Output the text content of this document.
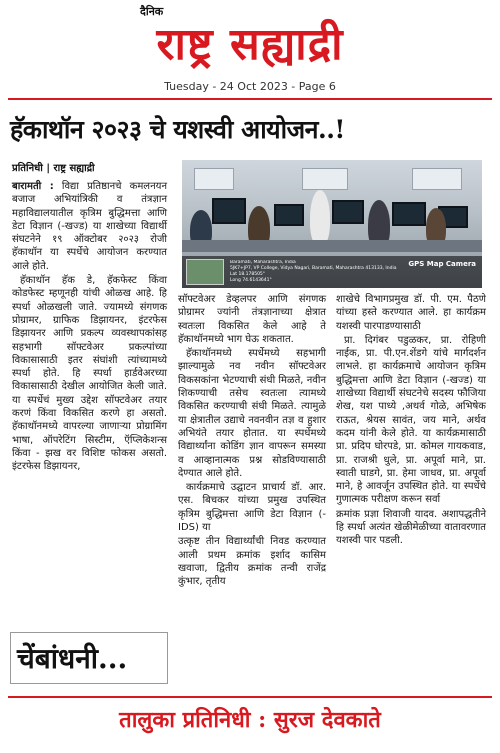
दैनिक
राष्ट्र सह्याद्री
Tuesday - 24 Oct 2023 - Page 6
हॅकाथॉन २०२३ चे यशस्वी आयोजन..!
प्रतिनिधी | राष्ट्र सह्याद्री
Baramati, Maharashtra, India
5JK7+JP7, VP College, Vidya Nagari, Baramati, Maharashtra 413133, India
Lat 18.178505°
Long 74.6143641°
GPS Map Camera

बारामती : विद्या प्रतिष्ठानचे कमलनयन बजाज अभियांत्रिकी व तंत्रज्ञान महाविद्यालयातील कृत्रिम बुद्धिमत्ता आणि डेटा विज्ञान (-खज्ड) या शाखेच्या विद्यार्थी संघटनेने १९ ऑक्टोबर २०२३ रोजी हॅकाथॉन या स्पर्धेचे आयोजन करण्यात आले होते.

हॅकाथॉन हॅक डे, हॅकफेस्ट किंवा कोडफेस्ट म्हणूनही यांची ओळख आहे. हि स्पर्धा ओळखली जाते. ज्यामध्ये संगणक प्रोग्रामर, ग्राफिक डिझायनर, इंटरफेस डिझायनर आणि प्रकल्प व्यवस्थापकांसह सहभागी सॉफ्टवेअर प्रकल्पांच्या विकासासाठी इतर संघांशी त्यांच्यामध्ये स्पर्धा होते. हि स्पर्धा हार्डवेअरच्या विकासासाठी देखील आयोजित केली जाते. या स्पर्धेचं मुख्य उद्देश सॉफ्टवेअर तयार करणं किंवा विकसित करणे हा असतो. हॅकाथॉनमध्ये वापरल्या जाणाऱ्या प्रोग्रामिंग भाषा, ऑपरेटिंग सिस्टीम, ऍप्लिकेशन्स किंवा - झख वर विशिष्ट फोकस असतो. इंटरफेस डिझायनर,

सॉफ्टवेअर डेव्हलपर आणि संगणक प्रोग्रामर ज्यांनी तंत्रज्ञानाच्या क्षेत्रात स्वतःला विकसित केले आहे ते हॅकाथॉनमध्ये भाग घेऊ शकतात.

हॅकाथॉनमध्ये स्पर्धेमध्ये सहभागी झाल्यामुळे नव नवीन सॉफ्टवेअर विकसकांना भेटण्याची संधी मिळते, नवीन शिकण्याची तसेच स्वतःला त्यामध्ये विकसित करण्याची संधी मिळते. त्यामुळे या क्षेत्रातील उद्याचे नवनवीन तज्ञ व हुशार अभियंते तयार होतात. या स्पर्धेमध्ये विद्यार्थ्यांना कोडिंग ज्ञान वापरून समस्या व आव्हानात्मक प्रश्न सोडविण्यासाठी देण्यात आले होते.

कार्यक्रमाचे उद्घाटन प्राचार्य डॉ. आर. एस. बिचकर यांच्या प्रमुख उपस्थित कृत्रिम बुद्धिमत्ता आणि डेटा विज्ञान (-IDS) या

उत्कृष्ट तीन विद्यार्थ्यांची निवड करण्यात आली प्रथम क्रमांक इर्शाद कासिम खवाजा, द्वितीय क्रमांक तन्वी राजेंद्र कुंभार, तृतीय

शाखेचे विभागप्रमुख डॉ. पी. एम. पैठणे यांच्या हस्ते करण्यात आले. हा कार्यक्रम यशस्वी पारपाडण्यासाठी

प्रा. दिगंबर पडुळकर, प्रा. रोहिणी नाईक, प्रा. पी.एन.शेंडगे यांचे मार्गदर्शन लाभले. हा कार्यक्रमाचे आयोजन कृत्रिम बुद्धिमत्ता आणि डेटा विज्ञान (-खज्ड) या शाखेच्या विद्यार्थी संघटनेचे सदस्य फौजिया शेख, यश पाध्ये ,अथर्व गोळे, अभिषेक राऊत, श्रेयस सावंत, जय माने, अर्थव कदम यांनी केले होते. या कार्यक्रमासाठी प्रा. प्रदिप घोरपडे, प्रा. कोमल गायकवाड, प्रा. राजश्री धुले, प्रा. अपूर्वा माने, प्रा. स्वाती घाडगे, प्रा. हेमा जाधव, प्रा. अपूर्वा माने, हे आवर्जून उपस्थित होते. या स्पर्धेचे गुणात्मक परीक्षण करून सर्वा

क्रमांक प्रज्ञा शिवाजी यादव. अशापद्धतीने हि स्पर्धा अत्यंत खेळीमेळीच्या वातावरणात यशस्वी पार पडली.

चेंबांधनी...
तालुका प्रतिनिधी : सुरज देवकाते
